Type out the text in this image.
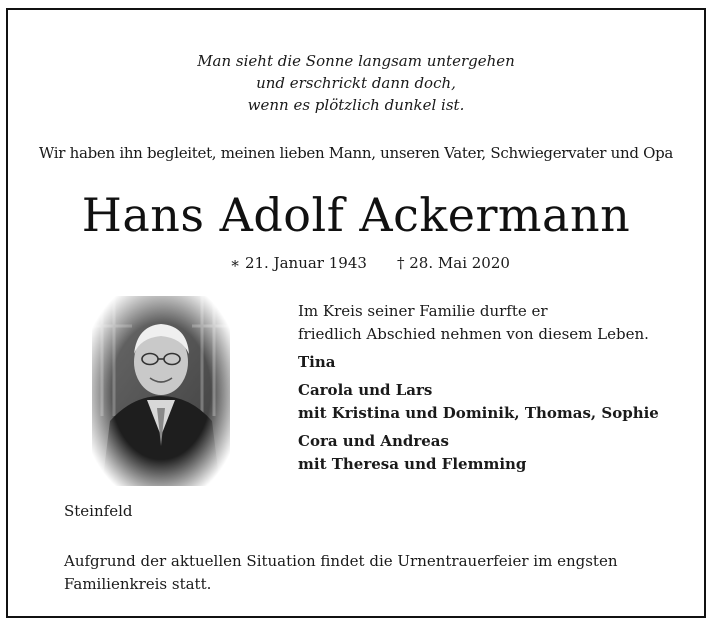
Man sieht die Sonne langsam untergehen
und erschrickt dann doch,
wenn es plötzlich dunkel ist.
Wir haben ihn begleitet, meinen lieben Mann, unseren Vater, Schwiegervater und Opa
Hans Adolf Ackermann
∗ 21. Januar 1943 † 28. Mai 2020
Im Kreis seiner Familie durfte er
friedlich Abschied nehmen von diesem Leben.
Tina
Carola und Lars
mit Kristina und Dominik, Thomas, Sophie
Cora und Andreas
mit Theresa und Flemming
Steinfeld
Aufgrund der aktuellen Situation findet die Urnentrauerfeier im engsten Familienkreis statt.
